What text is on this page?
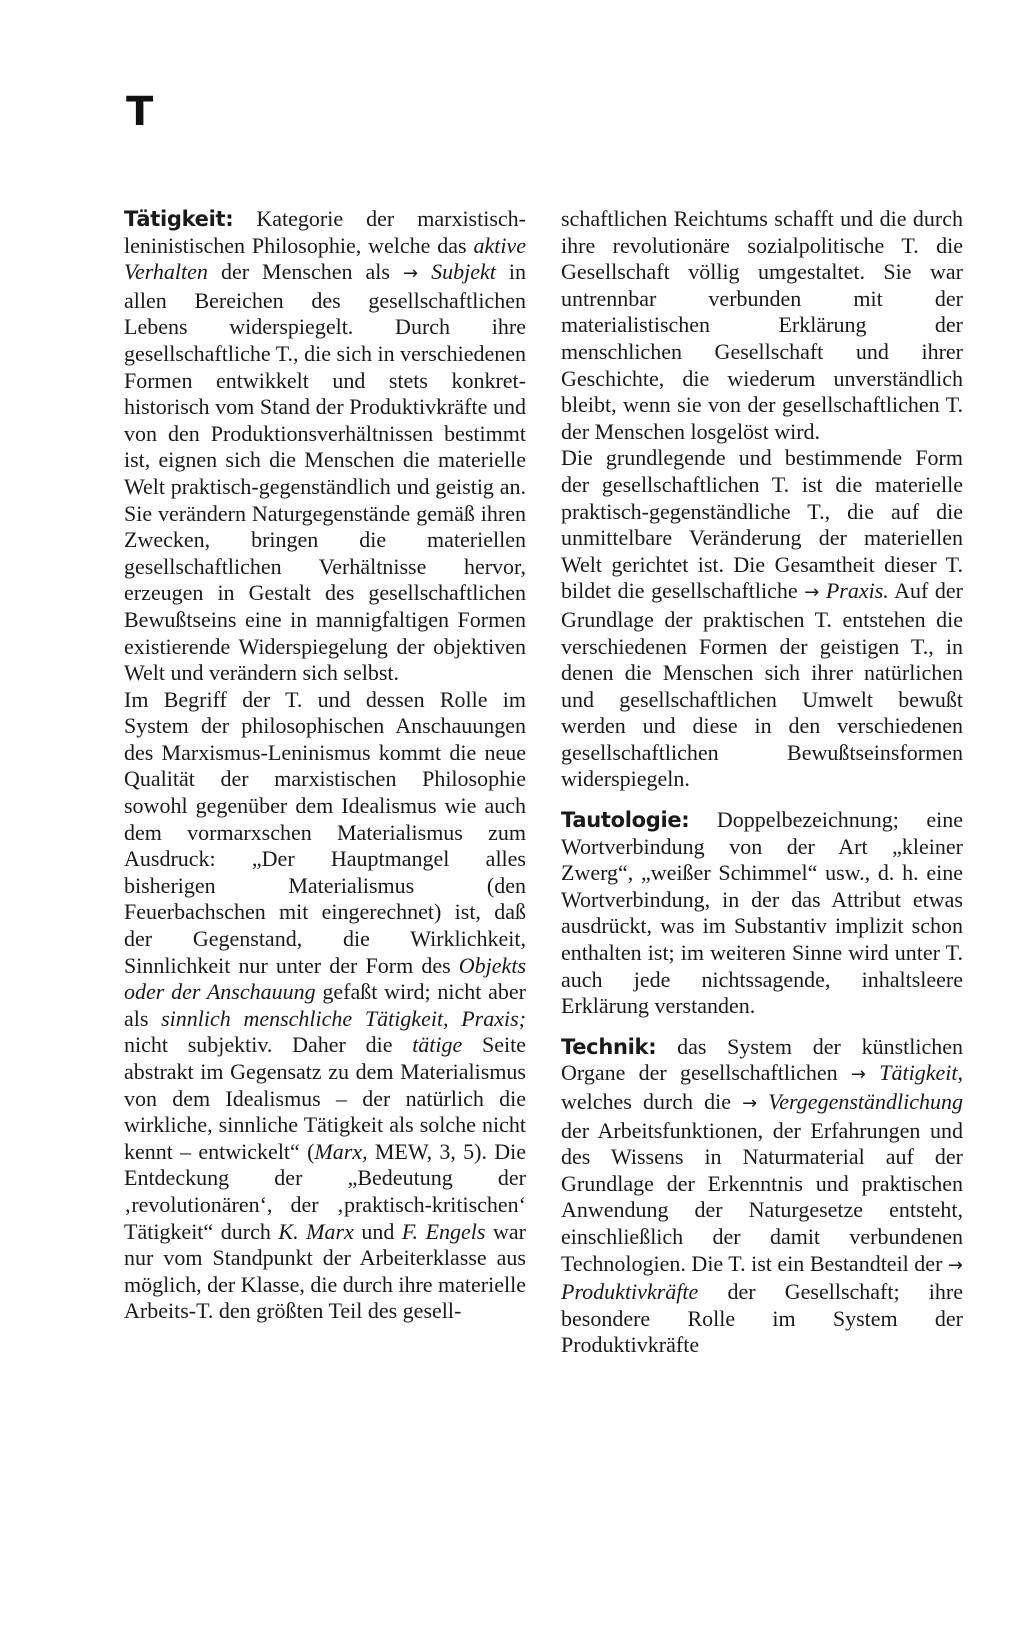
T

Tätigkeit: Kategorie der marxistisch-leninistischen Philosophie, welche das aktive Verhalten der Menschen als → Subjekt in allen Bereichen des gesellschaftlichen Lebens widerspiegelt. Durch ihre gesellschaftliche T., die sich in verschiedenen Formen entwikkelt und stets konkret-historisch vom Stand der Produktivkräfte und von den Produktionsverhältnissen bestimmt ist, eignen sich die Menschen die materielle Welt praktisch-gegenständlich und geistig an. Sie verändern Naturgegenstände gemäß ihren Zwecken, bringen die materiellen gesellschaftlichen Verhältnisse hervor, erzeugen in Gestalt des gesellschaftlichen Bewußtseins eine in mannigfaltigen Formen existierende Widerspiegelung der objektiven Welt und verändern sich selbst.

Im Begriff der T. und dessen Rolle im System der philosophischen Anschauungen des Marxismus-Leninismus kommt die neue Qualität der marxistischen Philosophie sowohl gegenüber dem Idealismus wie auch dem vormarxschen Materialismus zum Ausdruck: „Der Hauptmangel alles bisherigen Materialismus (den Feuerbachschen mit eingerechnet) ist, daß der Gegenstand, die Wirklichkeit, Sinnlichkeit nur unter der Form des Objekts oder der Anschauung gefaßt wird; nicht aber als sinnlich menschliche Tätigkeit, Praxis; nicht subjektiv. Daher die tätige Seite abstrakt im Gegensatz zu dem Materialismus von dem Idealismus – der natürlich die wirkliche, sinnliche Tätigkeit als solche nicht kennt – entwickelt“ (Marx, MEW, 3, 5). Die Entdeckung der „Bedeutung der ‚revolutionären‘, der ‚praktisch-kritischen‘ Tätigkeit“ durch K. Marx und F. Engels war nur vom Standpunkt der Arbeiterklasse aus möglich, der Klasse, die durch ihre materielle Arbeits-T. den größten Teil des gesell-

schaftlichen Reichtums schafft und die durch ihre revolutionäre sozialpolitische T. die Gesellschaft völlig umgestaltet. Sie war untrennbar verbunden mit der materialistischen Erklärung der menschlichen Gesellschaft und ihrer Geschichte, die wiederum unverständlich bleibt, wenn sie von der gesellschaftlichen T. der Menschen losgelöst wird.

Die grundlegende und bestimmende Form der gesellschaftlichen T. ist die materielle praktisch-gegenständliche T., die auf die unmittelbare Veränderung der materiellen Welt gerichtet ist. Die Gesamtheit dieser T. bildet die gesellschaftliche → Praxis. Auf der Grundlage der praktischen T. entstehen die verschiedenen Formen der geistigen T., in denen die Menschen sich ihrer natürlichen und gesellschaftlichen Umwelt bewußt werden und diese in den verschiedenen gesellschaftlichen Bewußtseinsformen widerspiegeln.

Tautologie: Doppelbezeichnung; eine Wortverbindung von der Art „kleiner Zwerg“, „weißer Schimmel“ usw., d. h. eine Wortverbindung, in der das Attribut etwas ausdrückt, was im Substantiv implizit schon enthalten ist; im weiteren Sinne wird unter T. auch jede nichtssagende, inhaltsleere Erklärung verstanden.

Technik: das System der künstlichen Organe der gesellschaftlichen → Tätigkeit, welches durch die → Vergegenständlichung der Arbeitsfunktionen, der Erfahrungen und des Wissens in Naturmaterial auf der Grundlage der Erkenntnis und praktischen Anwendung der Naturgesetze entsteht, einschließlich der damit verbundenen Technologien. Die T. ist ein Bestandteil der → Produktivkräfte der Gesellschaft; ihre besondere Rolle im System der Produktivkräfte
